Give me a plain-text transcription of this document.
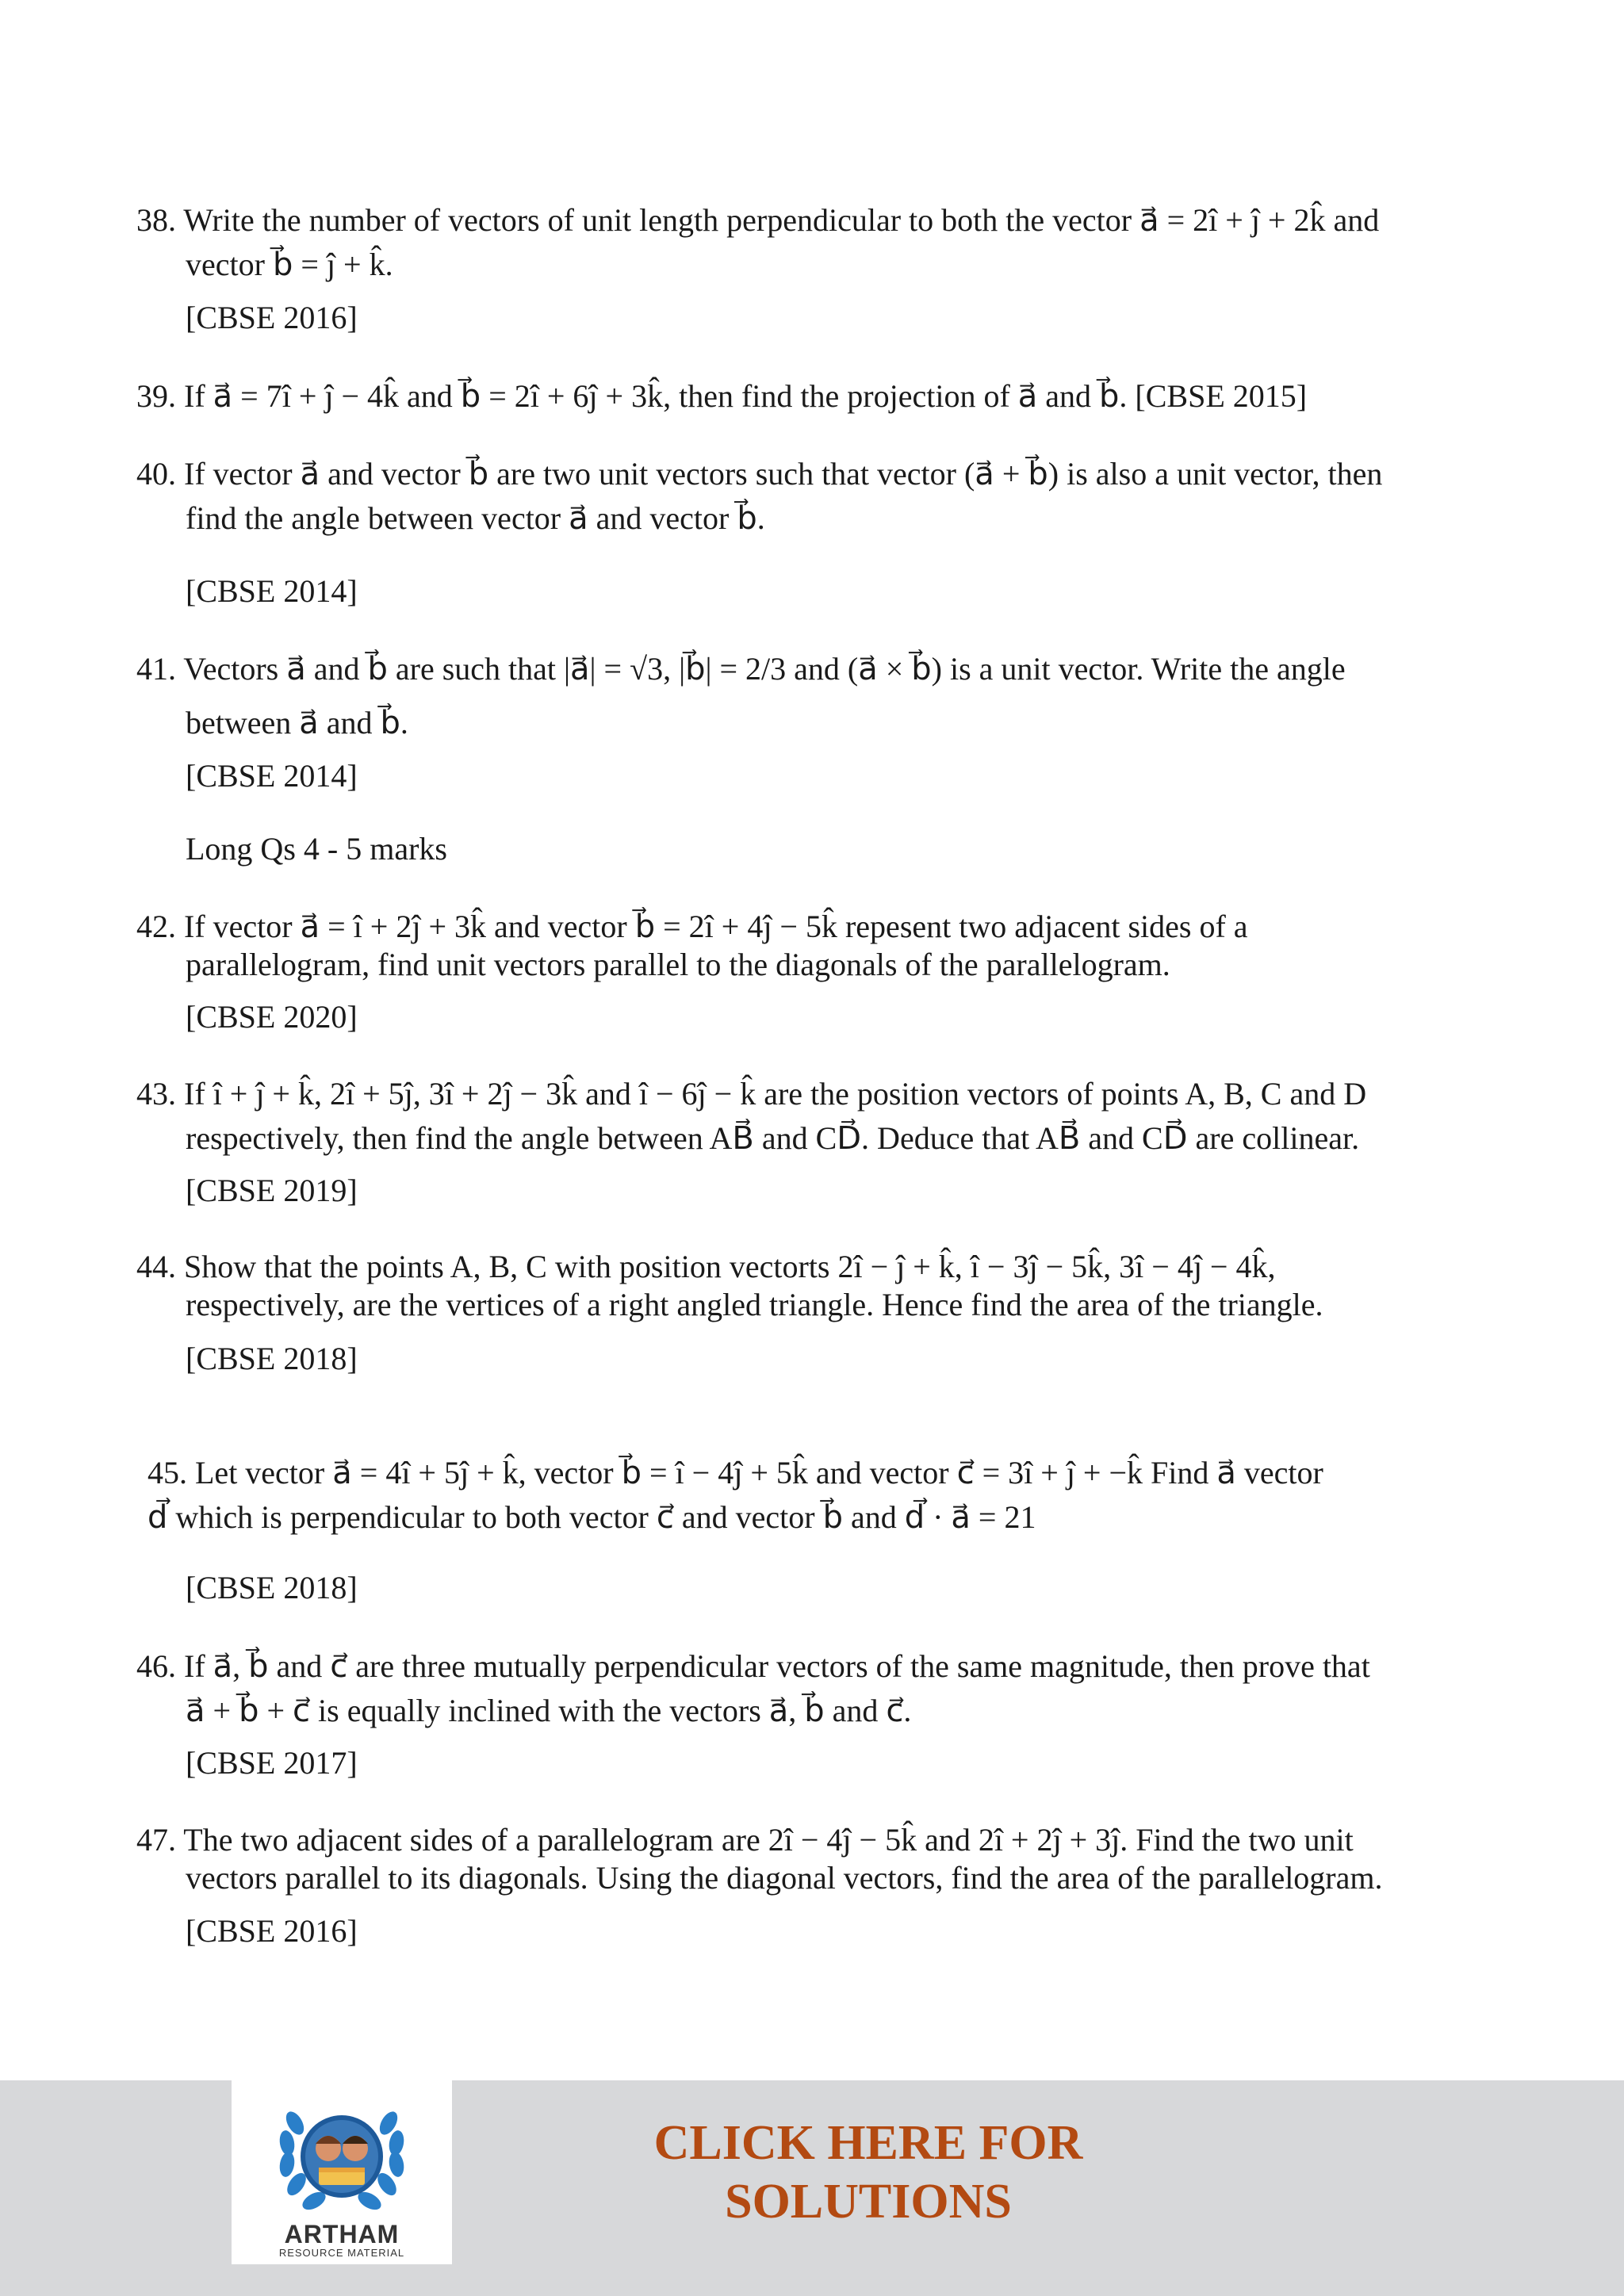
38. Write the number of vectors of unit length perpendicular to both the vector a⃗ = 2î + ĵ + 2k̂ and
vector b⃗ = ĵ + k̂.
[CBSE 2016]
39. If a⃗ = 7î + ĵ − 4k̂ and b⃗ = 2î + 6ĵ + 3k̂, then find the projection of a⃗ and b⃗. [CBSE 2015]
40. If vector a⃗ and vector b⃗ are two unit vectors such that vector (a⃗ + b⃗) is also a unit vector, then
find the angle between vector a⃗ and vector b⃗.
[CBSE 2014]
41. Vectors a⃗ and b⃗ are such that |a⃗| = √3, |b⃗| = 2/3 and (a⃗ × b⃗) is a unit vector. Write the angle
between a⃗ and b⃗.
[CBSE 2014]
Long Qs 4 - 5 marks
42. If vector a⃗ = î + 2ĵ + 3k̂ and vector b⃗ = 2î + 4ĵ − 5k̂ repesent two adjacent sides of a
parallelogram, find unit vectors parallel to the diagonals of the parallelogram.
[CBSE 2020]
43. If î + ĵ + k̂, 2î + 5ĵ, 3î + 2ĵ − 3k̂ and î − 6ĵ − k̂ are the position vectors of points A, B, C and D
respectively, then find the angle between AB⃗ and CD⃗. Deduce that AB⃗ and CD⃗ are collinear.
[CBSE 2019]
44. Show that the points A, B, C with position vectorts 2î − ĵ + k̂, î − 3ĵ − 5k̂, 3î − 4ĵ − 4k̂,
respectively, are the vertices of a right angled triangle. Hence find the area of the triangle.
[CBSE 2018]
45. Let vector a⃗ = 4î + 5ĵ + k̂, vector b⃗ = î − 4ĵ + 5k̂ and vector c⃗ = 3î + ĵ + −k̂ Find a⃗ vector
d⃗ which is perpendicular to both vector c⃗ and vector b⃗ and d⃗ · a⃗ = 21
[CBSE 2018]
46. If a⃗, b⃗ and c⃗ are three mutually perpendicular vectors of the same magnitude, then prove that
a⃗ + b⃗ + c⃗ is equally inclined with the vectors a⃗, b⃗ and c⃗.
[CBSE 2017]
47. The two adjacent sides of a parallelogram are 2î − 4ĵ − 5k̂ and 2î + 2ĵ + 3ĵ. Find the two unit
vectors parallel to its diagonals. Using the diagonal vectors, find the area of the parallelogram.
[CBSE 2016]
ARTHAM
RESOURCE MATERIAL
CLICK HERE FOR
SOLUTIONS
